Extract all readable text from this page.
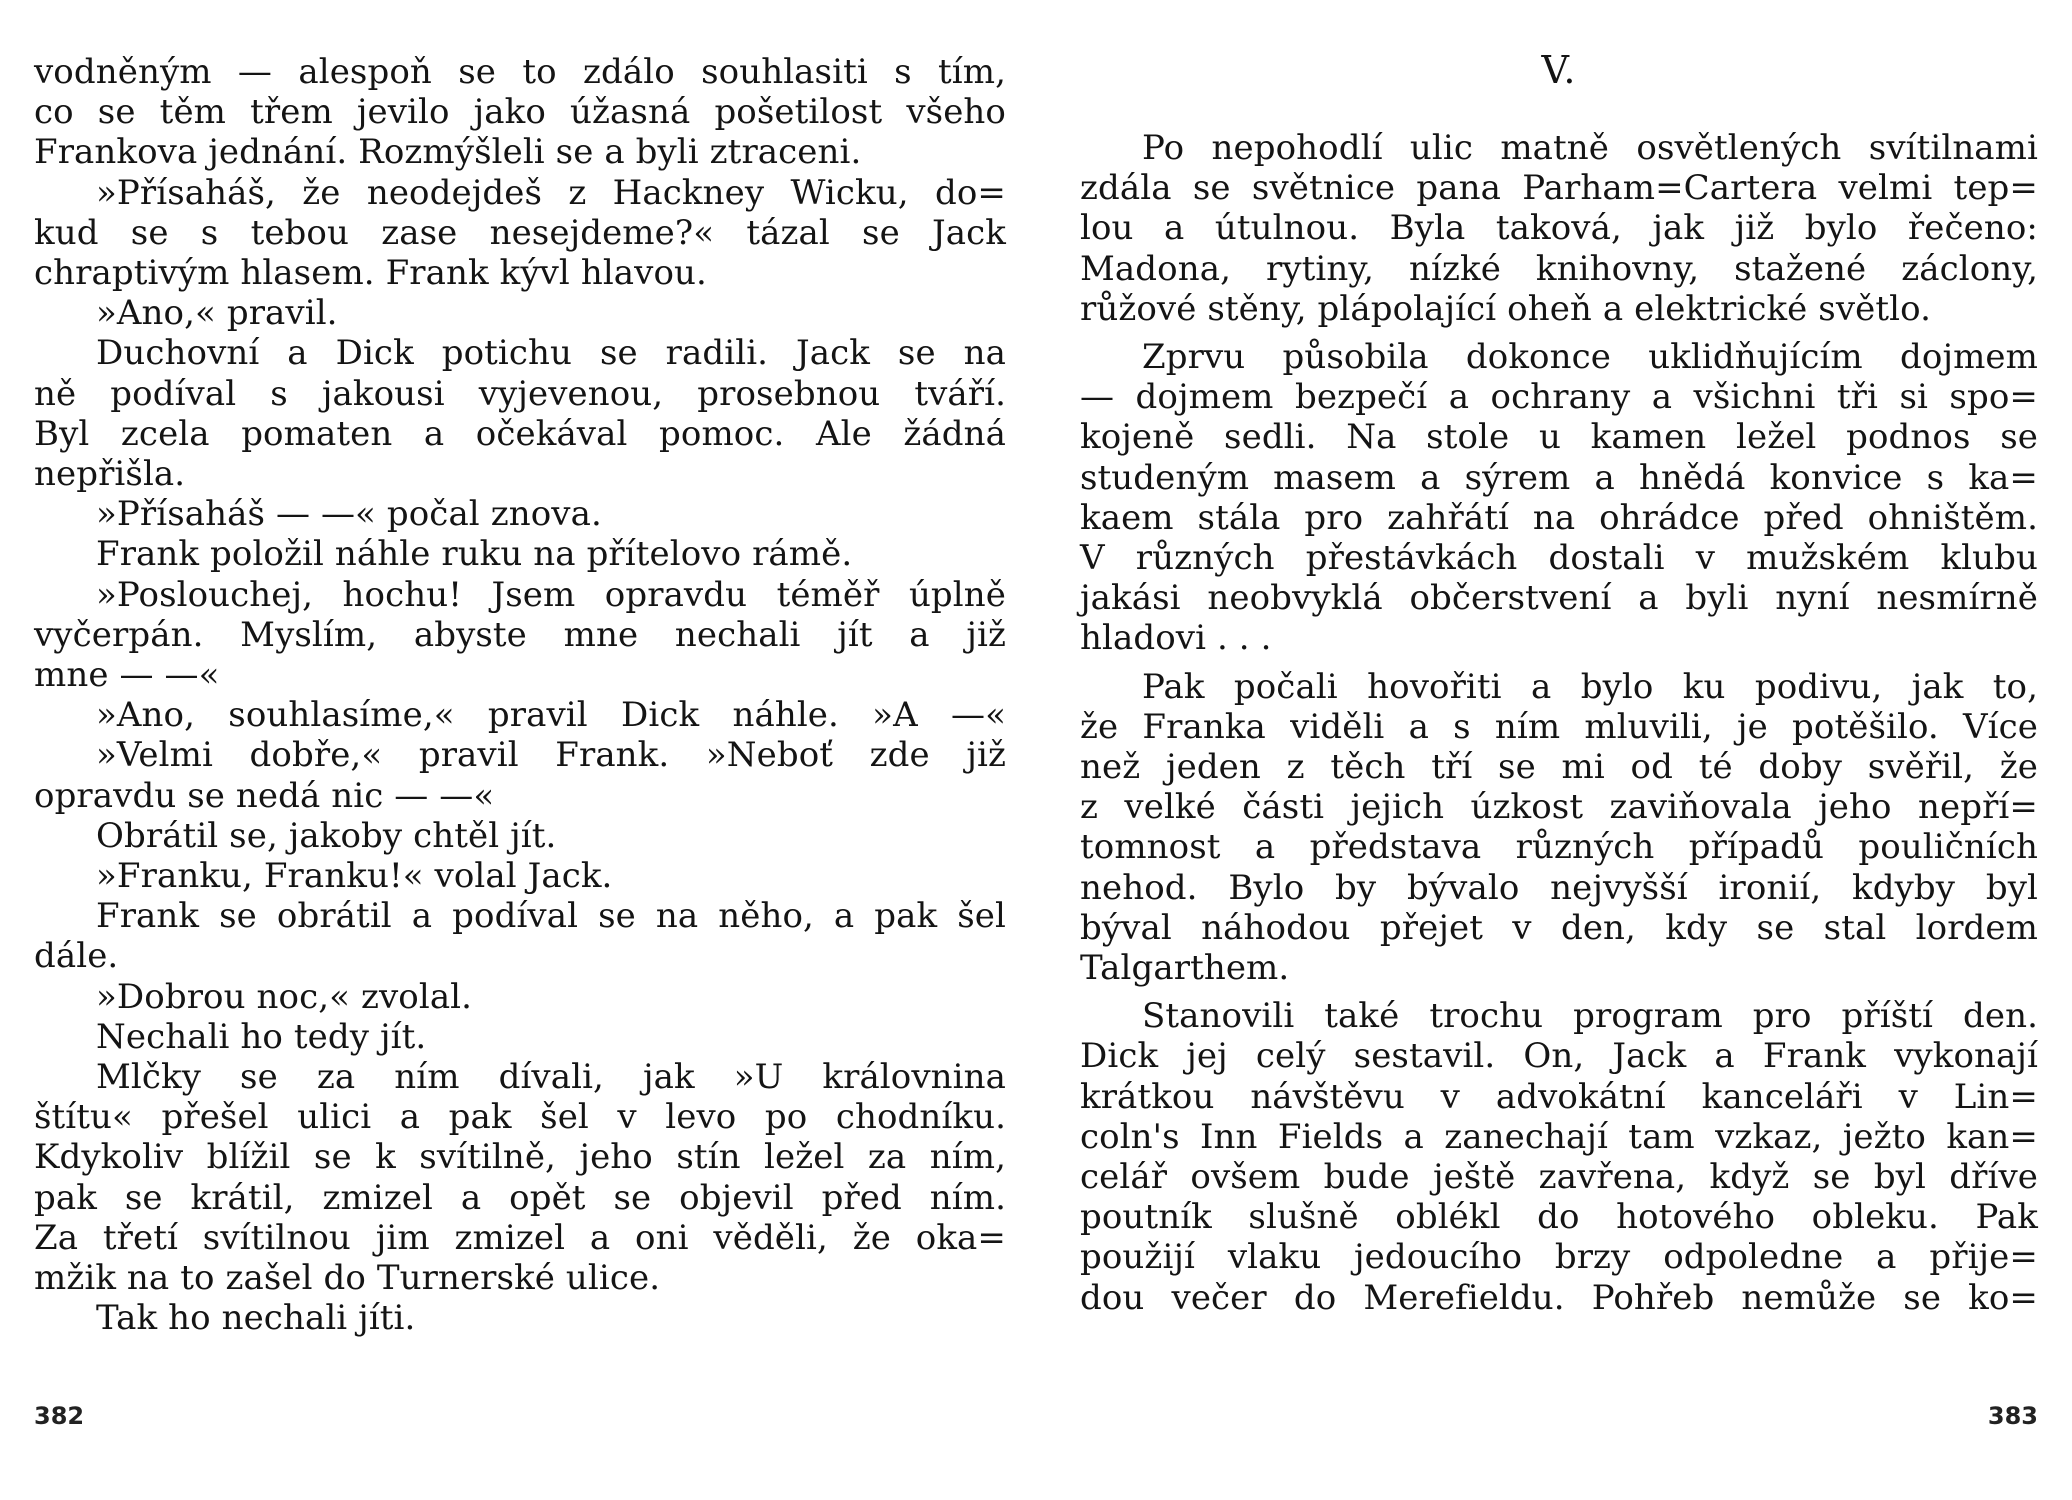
vodněným — alespoň se to zdálo souhlasiti s tím,
co se těm třem jevilo jako úžasná pošetilost všeho
Frankova jednání. Rozmýšleli se a byli ztraceni.
»Přísaháš, že neodejdeš z Hackney Wicku, do=
kud se s tebou zase nesejdeme?« tázal se Jack
chraptivým hlasem. Frank kývl hlavou.
»Ano,« pravil.
Duchovní a Dick potichu se radili. Jack se na
ně podíval s jakousi vyjevenou, prosebnou tváří.
Byl zcela pomaten a očekával pomoc. Ale žádná
nepřišla.
»Přísaháš — —« počal znova.
Frank položil náhle ruku na přítelovo rámě.
»Poslouchej, hochu! Jsem opravdu téměř úplně
vyčerpán. Myslím, abyste mne nechali jít a již
mne — —«
»Ano, souhlasíme,« pravil Dick náhle. »A —«
»Velmi dobře,« pravil Frank. »Neboť zde již
opravdu se nedá nic — —«
Obrátil se, jakoby chtěl jít.
»Franku, Franku!« volal Jack.
Frank se obrátil a podíval se na něho, a pak šel
dále.
»Dobrou noc,« zvolal.
Nechali ho tedy jít.
Mlčky se za ním dívali, jak »U královnina
štítu« přešel ulici a pak šel v levo po chodníku.
Kdykoliv blížil se k svítilně, jeho stín ležel za ním,
pak se krátil, zmizel a opět se objevil před ním.
Za třetí svítilnou jim zmizel a oni věděli, že oka=
mžik na to zašel do Turnerské ulice.
Tak ho nechali jíti.
382
V.
Po nepohodlí ulic matně osvětlených svítilnami
zdála se světnice pana Parham=Cartera velmi tep=
lou a útulnou. Byla taková, jak již bylo řečeno:
Madona, rytiny, nízké knihovny, stažené záclony,
růžové stěny, plápolající oheň a elektrické světlo.
Zprvu působila dokonce uklidňujícím dojmem
— dojmem bezpečí a ochrany a všichni tři si spo=
kojeně sedli. Na stole u kamen ležel podnos se
studeným masem a sýrem a hnědá konvice s ka=
kaem stála pro zahřátí na ohrádce před ohništěm.
V různých přestávkách dostali v mužském klubu
jakási neobvyklá občerstvení a byli nyní nesmírně
hladovi . . .
Pak počali hovořiti a bylo ku podivu, jak to,
že Franka viděli a s ním mluvili, je potěšilo. Více
než jeden z těch tří se mi od té doby svěřil, že
z velké části jejich úzkost zaviňovala jeho nepří=
tomnost a představa různých případů pouličních
nehod. Bylo by bývalo nejvyšší ironií, kdyby byl
býval náhodou přejet v den, kdy se stal lordem
Talgarthem.
Stanovili také trochu program pro příští den.
Dick jej celý sestavil. On, Jack a Frank vykonají
krátkou návštěvu v advokátní kanceláři v Lin=
coln's Inn Fields a zanechají tam vzkaz, ježto kan=
celář ovšem bude ještě zavřena, když se byl dříve
poutník slušně oblékl do hotového obleku. Pak
použijí vlaku jedoucího brzy odpoledne a přije=
dou večer do Merefieldu. Pohřeb nemůže se ko=
383
